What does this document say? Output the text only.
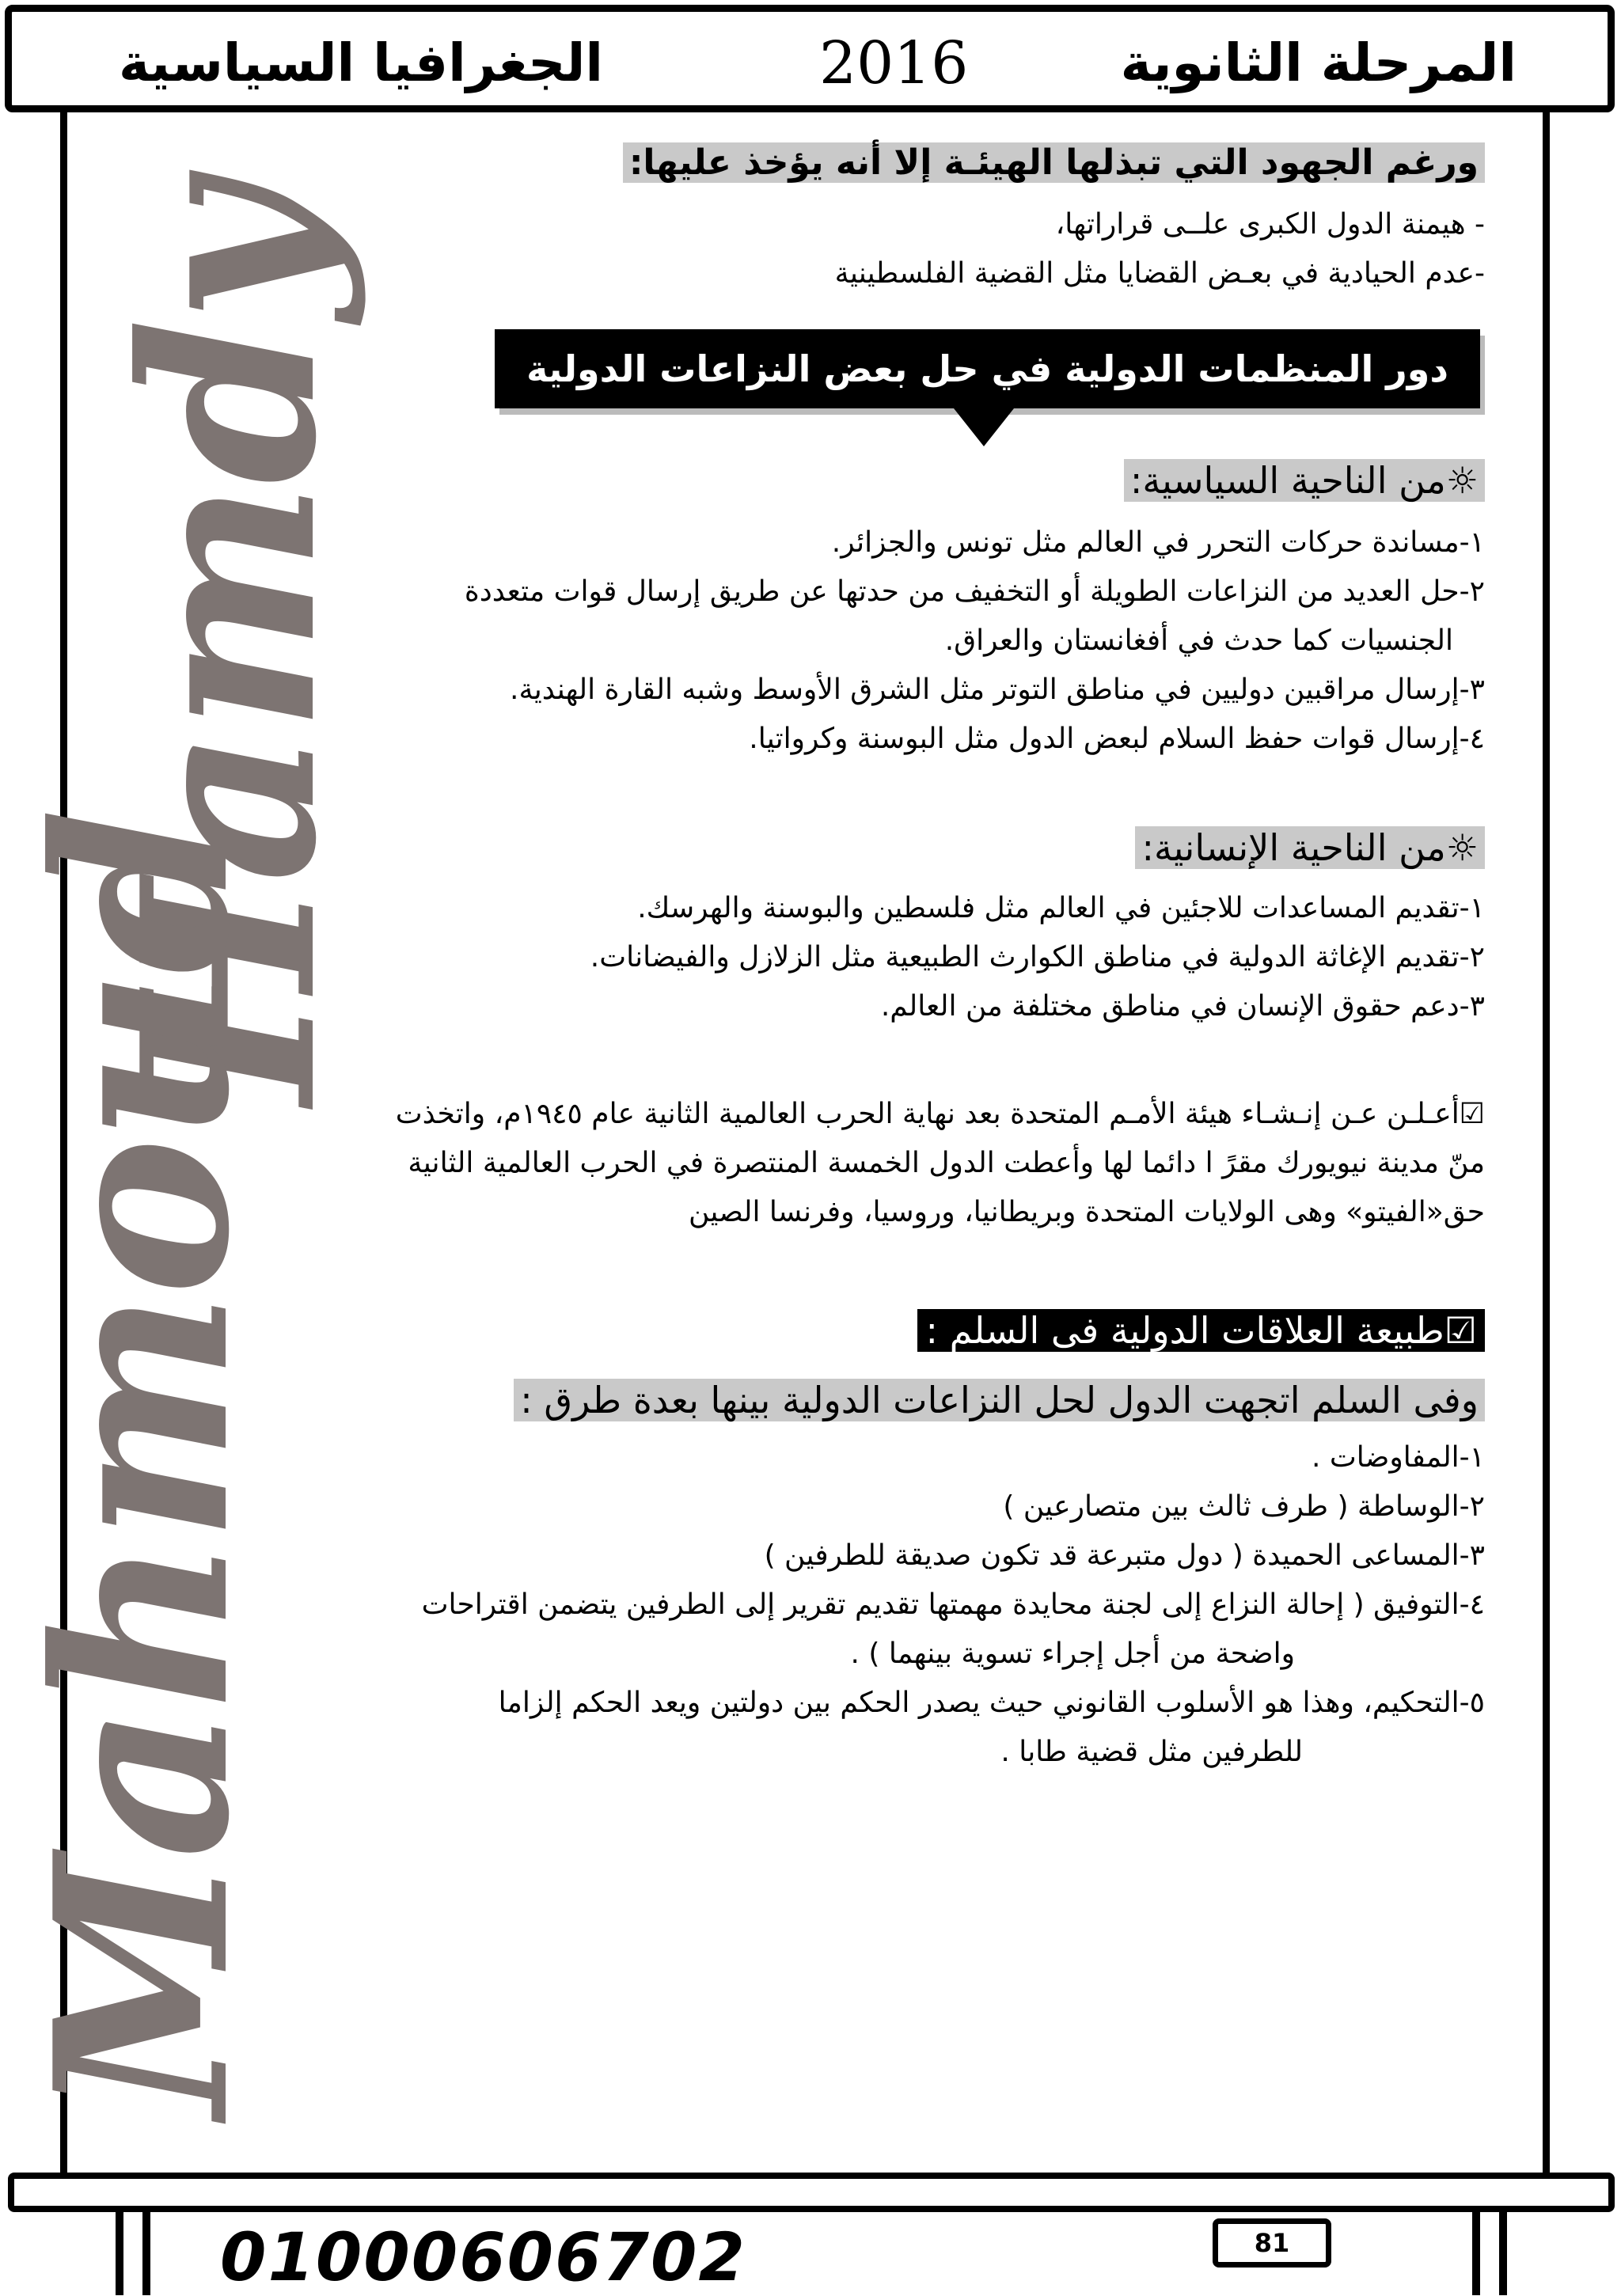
الجغرافيا السياسية	2016	المرحلة الثانوية
Hamdy
Mahmoud
ورغم الجهود التي تبذلها الهيئـة إلا أنه يؤخذ عليها:
- هيمنة الدول الكبرى علــى قراراتها،
-عدم الحيادية في بعـض القضايا مثل القضية الفلسطينية
دور المنظمات الدولية في حل بعض النزاعات الدولية
☼من الناحية السياسية:
١-مساندة حركات التحرر في العالم مثل تونس والجزائر.
٢-حل العديد من النزاعات الطويلة أو التخفيف من حدتها عن طريق إرسال قوات متعددة
الجنسيات كما حدث في أفغانستان والعراق.
٣-إرسال مراقبين دوليين في مناطق التوتر مثل الشرق الأوسط وشبه القارة الهندية.
٤-إرسال قوات حفظ السلام لبعض الدول مثل البوسنة وكرواتيا.
☼من الناحية الإنسانية:
١-تقديم المساعدات للاجئين في العالم مثل فلسطين والبوسنة والهرسك.
٢-تقديم الإغاثة الدولية في مناطق الكوارث الطبيعية مثل الزلازل والفيضانات.
٣-دعم حقوق الإنسان في مناطق مختلفة من العالم.
☑أعـلـن عـن إنـشـاء هيئة الأمـم المتحدة بعد نهاية الحرب العالمية الثانية عام ١٩٤٥م، واتخذت
منّ مدينة نيويورك مقرً ا دائما لها وأعطت الدول الخمسة المنتصرة في الحرب العالمية الثانية
حق«الفيتو» وهى الولايات المتحدة وبريطانيا، وروسيا، وفرنسا الصين
☑طبيعة العلاقات الدولية فى السلم :
وفى السلم اتجهت الدول لحل النزاعات الدولية بينها بعدة طرق :
١-المفاوضات .
٢-الوساطة ( طرف ثالث بين متصارعين )
٣-المساعى الحميدة ( دول متبرعة قد تكون صديقة للطرفين )
٤-التوفيق ( إحالة النزاع إلى لجنة محايدة مهمتها تقديم تقرير إلى الطرفين يتضمن اقتراحات
واضحة من أجل إجراء تسوية بينهما ) .
٥-التحكيم، وهذا هو الأسلوب القانوني حيث يصدر الحكم بين دولتين ويعد الحكم إلزاما
للطرفين مثل قضية طابا .
01000606702	81
